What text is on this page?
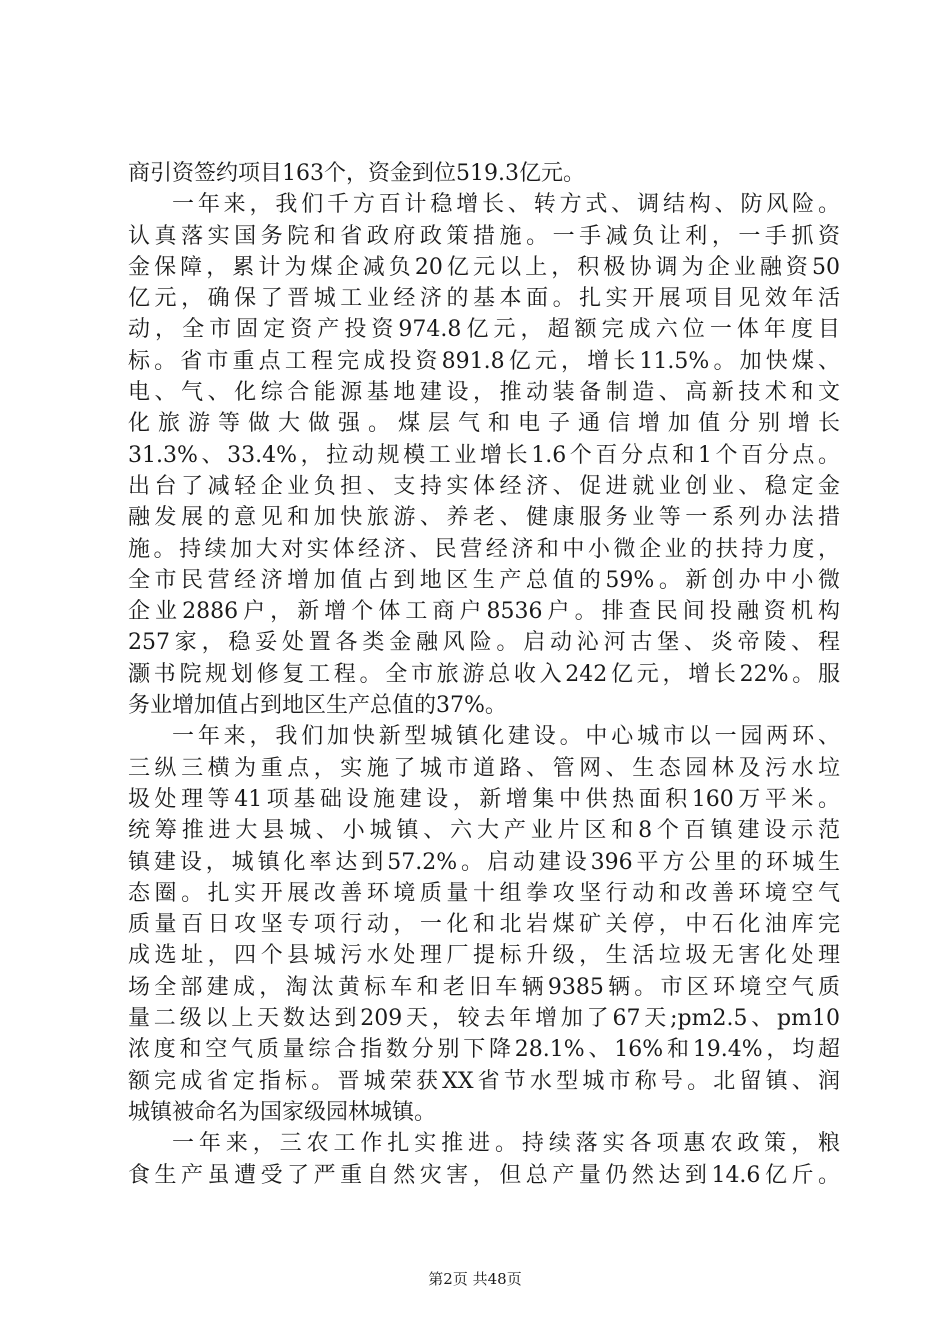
商引资签约项目163个，资金到位519.3亿元。
一年来，我们千方百计稳增长、转方式、调结构、防风险。
认真落实国务院和省政府政策措施。一手减负让利，一手抓资
金保障，累计为煤企减负20亿元以上，积极协调为企业融资50
亿元，确保了晋城工业经济的基本面。扎实开展项目见效年活
动，全市固定资产投资974.8亿元，超额完成六位一体年度目
标。省市重点工程完成投资891.8亿元，增长11.5%。加快煤、
电、气、化综合能源基地建设，推动装备制造、高新技术和文
化旅游等做大做强。煤层气和电子通信增加值分别增长
31.3%、33.4%，拉动规模工业增长1.6个百分点和1个百分点。
出台了减轻企业负担、支持实体经济、促进就业创业、稳定金
融发展的意见和加快旅游、养老、健康服务业等一系列办法措
施。持续加大对实体经济、民营经济和中小微企业的扶持力度，
全市民营经济增加值占到地区生产总值的59%。新创办中小微
企业2886户，新增个体工商户8536户。排查民间投融资机构
257家，稳妥处置各类金融风险。启动沁河古堡、炎帝陵、程
灏书院规划修复工程。全市旅游总收入242亿元，增长22%。服
务业增加值占到地区生产总值的37%。
一年来，我们加快新型城镇化建设。中心城市以一园两环、
三纵三横为重点，实施了城市道路、管网、生态园林及污水垃
圾处理等41项基础设施建设，新增集中供热面积160万平米。
统筹推进大县城、小城镇、六大产业片区和8个百镇建设示范
镇建设，城镇化率达到57.2%。启动建设396平方公里的环城生
态圈。扎实开展改善环境质量十组拳攻坚行动和改善环境空气
质量百日攻坚专项行动，一化和北岩煤矿关停，中石化油库完
成选址，四个县城污水处理厂提标升级，生活垃圾无害化处理
场全部建成，淘汰黄标车和老旧车辆9385辆。市区环境空气质
量二级以上天数达到209天，较去年增加了67天;pm2.5、pm10
浓度和空气质量综合指数分别下降28.1%、16%和19.4%，均超
额完成省定指标。晋城荣获XX省节水型城市称号。北留镇、润
城镇被命名为国家级园林城镇。
一年来，三农工作扎实推进。持续落实各项惠农政策，粮
食生产虽遭受了严重自然灾害，但总产量仍然达到14.6亿斤。
第2页 共48页
